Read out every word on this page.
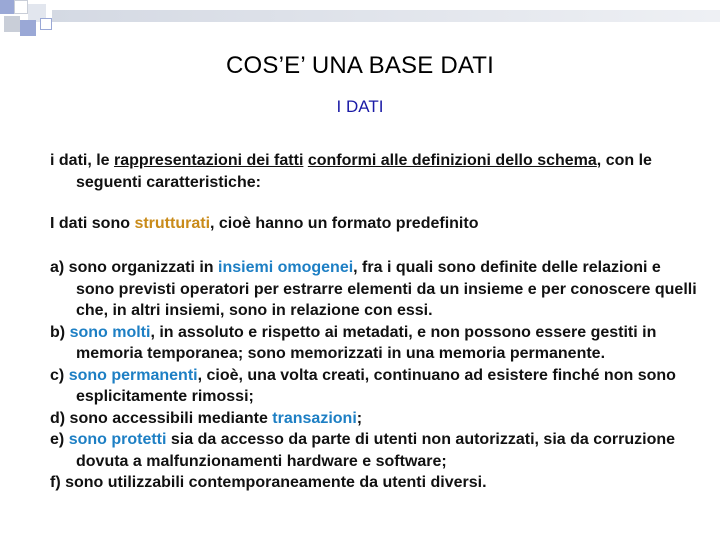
COS’E’ UNA BASE DATI
I DATI

i dati, le rappresentazioni dei fatti conformi alle definizioni dello schema, con le seguenti caratteristiche:

I dati sono strutturati, cioè hanno un formato predefinito

a) sono organizzati in insiemi omogenei, fra i quali sono definite delle relazioni e sono previsti operatori per estrarre elementi da un insieme e per conoscere quelli che, in altri insiemi, sono in relazione con essi.

b) sono molti, in assoluto e rispetto ai metadati, e non possono essere gestiti in memoria temporanea; sono memorizzati in una memoria permanente.

c) sono permanenti, cioè, una volta creati, continuano ad esistere finché non sono esplicitamente rimossi;

d) sono accessibili mediante transazioni;

e) sono protetti sia da accesso da parte di utenti non autorizzati, sia da corruzione dovuta a malfunzionamenti hardware e software;

f) sono utilizzabili contemporaneamente da utenti diversi.
